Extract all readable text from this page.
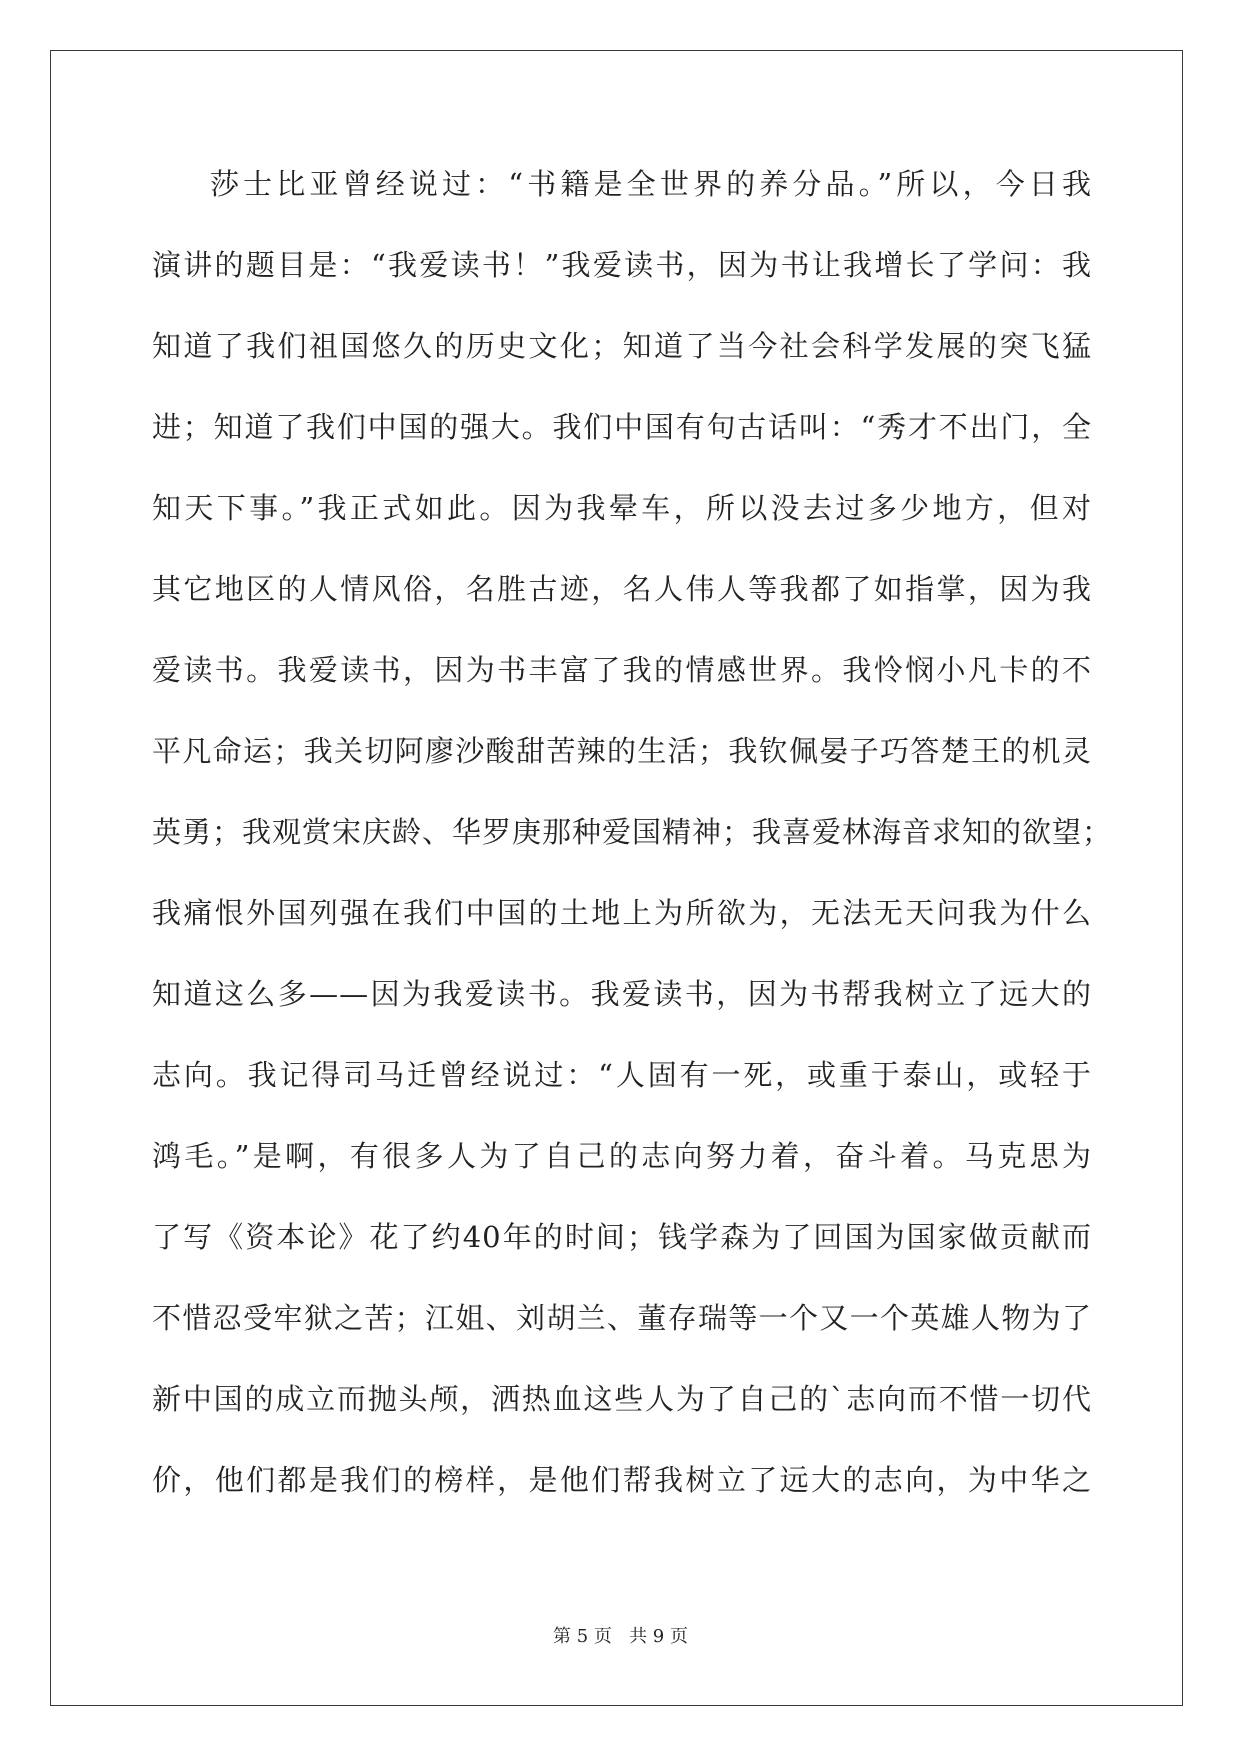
莎士比亚曾经说过：“书籍是全世界的养分品。”所以，今日我
演讲的题目是：“我爱读书！”我爱读书，因为书让我增长了学问：我
知道了我们祖国悠久的历史文化；知道了当今社会科学发展的突飞猛
进；知道了我们中国的强大。我们中国有句古话叫：“秀才不出门，全
知天下事。”我正式如此。因为我晕车，所以没去过多少地方，但对
其它地区的人情风俗，名胜古迹，名人伟人等我都了如指掌，因为我
爱读书。我爱读书，因为书丰富了我的情感世界。我怜悯小凡卡的不
平凡命运；我关切阿廖沙酸甜苦辣的生活；我钦佩晏子巧答楚王的机灵
英勇；我观赏宋庆龄、华罗庚那种爱国精神；我喜爱林海音求知的欲望；
我痛恨外国列强在我们中国的土地上为所欲为，无法无天问我为什么
知道这么多——因为我爱读书。我爱读书，因为书帮我树立了远大的
志向。我记得司马迁曾经说过：“人固有一死，或重于泰山，或轻于
鸿毛。”是啊，有很多人为了自己的志向努力着，奋斗着。马克思为
了写《资本论》花了约40年的时间；钱学森为了回国为国家做贡献而
不惜忍受牢狱之苦；江姐、刘胡兰、董存瑞等一个又一个英雄人物为了
新中国的成立而抛头颅，洒热血这些人为了自己的`志向而不惜一切代
价，他们都是我们的榜样，是他们帮我树立了远大的志向，为中华之
第 5 页   共 9 页
